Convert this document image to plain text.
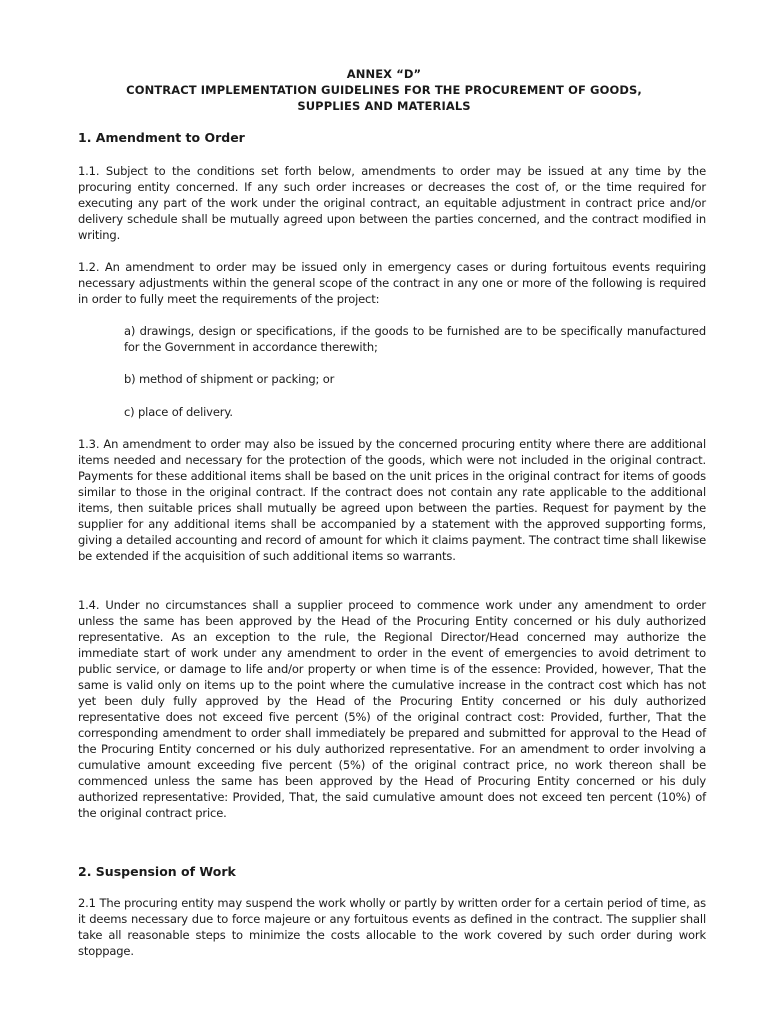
ANNEX “D”
CONTRACT IMPLEMENTATION GUIDELINES FOR THE PROCUREMENT OF GOODS,
SUPPLIES AND MATERIALS
1. Amendment to Order
1.1. Subject to the conditions set forth below, amendments to order may be issued at any time by the procuring entity concerned. If any such order increases or decreases the cost of, or the time required for executing any part of the work under the original contract, an equitable adjustment in contract price and/or delivery schedule shall be mutually agreed upon between the parties concerned, and the contract modified in writing.
1.2. An amendment to order may be issued only in emergency cases or during fortuitous events requiring necessary adjustments within the general scope of the contract in any one or more of the following is required in order to fully meet the requirements of the project:
a) drawings, design or specifications, if the goods to be furnished are to be specifically manufactured for the Government in accordance therewith;
b) method of shipment or packing; or
c) place of delivery.
1.3. An amendment to order may also be issued by the concerned procuring entity where there are additional items needed and necessary for the protection of the goods, which were not included in the original contract. Payments for these additional items shall be based on the unit prices in the original contract for items of goods similar to those in the original contract. If the contract does not contain any rate applicable to the additional items, then suitable prices shall mutually be agreed upon between the parties. Request for payment by the supplier for any additional items shall be accompanied by a statement with the approved supporting forms, giving a detailed accounting and record of amount for which it claims payment. The contract time shall likewise be extended if the acquisition of such additional items so warrants.
1.4. Under no circumstances shall a supplier proceed to commence work under any amendment to order unless the same has been approved by the Head of the Procuring Entity concerned or his duly authorized representative. As an exception to the rule, the Regional Director/Head concerned may authorize the immediate start of work under any amendment to order in the event of emergencies to avoid detriment to public service, or damage to life and/or property or when time is of the essence: Provided, however, That the same is valid only on items up to the point where the cumulative increase in the contract cost which has not yet been duly fully approved by the Head of the Procuring Entity concerned or his duly authorized representative does not exceed five percent (5%) of the original contract cost: Provided, further, That the corresponding amendment to order shall immediately be prepared and submitted for approval to the Head of the Procuring Entity concerned or his duly authorized representative. For an amendment to order involving a cumulative amount exceeding five percent (5%) of the original contract price, no work thereon shall be commenced unless the same has been approved by the Head of Procuring Entity concerned or his duly authorized representative: Provided, That, the said cumulative amount does not exceed ten percent (10%) of the original contract price.
2. Suspension of Work
2.1 The procuring entity may suspend the work wholly or partly by written order for a certain period of time, as it deems necessary due to force majeure or any fortuitous events as defined in the contract. The supplier shall take all reasonable steps to minimize the costs allocable to the work covered by such order during work stoppage.
